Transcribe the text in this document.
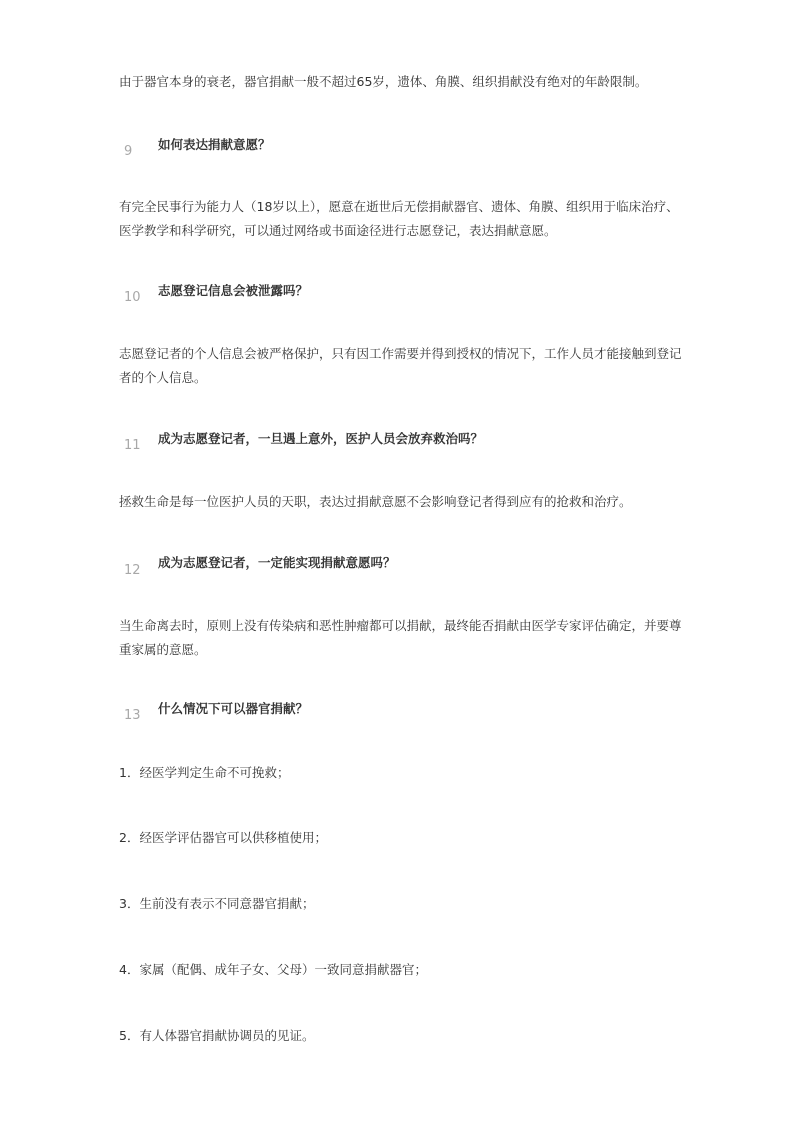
由于器官本身的衰老，器官捐献一般不超过65岁，遗体、角膜、组织捐献没有绝对的年龄限制。

9 如何表达捐献意愿？

有完全民事行为能力人（18岁以上），愿意在逝世后无偿捐献器官、遗体、角膜、组织用于临床治疗、医学教学和科学研究，可以通过网络或书面途径进行志愿登记，表达捐献意愿。

10 志愿登记信息会被泄露吗？

志愿登记者的个人信息会被严格保护，只有因工作需要并得到授权的情况下，工作人员才能接触到登记者的个人信息。

11 成为志愿登记者，一旦遇上意外，医护人员会放弃救治吗？

拯救生命是每一位医护人员的天职，表达过捐献意愿不会影响登记者得到应有的抢救和治疗。

12
成为志愿登记者，一定能实现捐献意愿吗？

当生命离去时，原则上没有传染病和恶性肿瘤都可以捐献，最终能否捐献由医学专家评估确定，并要尊重家属的意愿。

13 什么情况下可以器官捐献？

1．经医学判定生命不可挽救；

2．经医学评估器官可以供移植使用；

3．生前没有表示不同意器官捐献；

4．家属（配偶、成年子女、父母）一致同意捐献器官；

5．有人体器官捐献协调员的见证。
